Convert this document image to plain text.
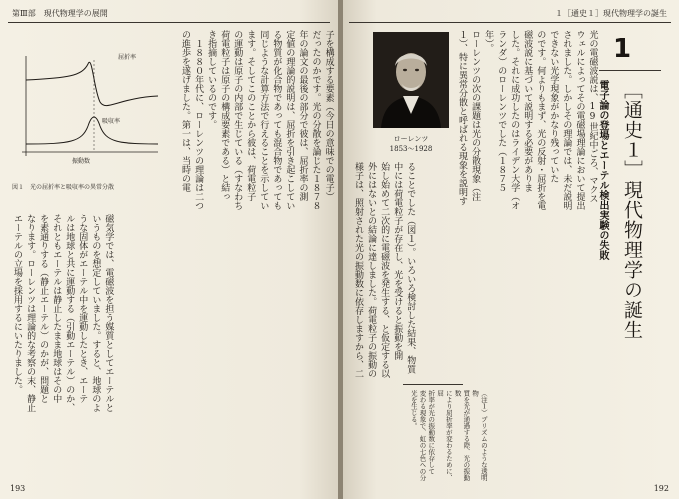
第Ⅲ部　現代物理学の展開
屈折率
吸収率
振動数
図１　光の屈折率と吸収率の異常分散

子を構成する要素（今日の意味での電子）
だったのかです。光の分散を論じた１８７８年の論文の最後の部分で彼は、屈折率の測
定値の理論的説明は、屈折を引き起こしている物質が化合物であっても混合物であっても
同じような計算方法で行えることを示しています。そしてこのことから彼は、荷電粒子
の運動は原子の内部で生じている（すなわち荷電粒子は原子の構成要素である）と結っ
き指摘しているのです。
　１８８０年代に、ローレンツの理論は二つの進歩を遂げました。第一は、当時の電

磁気学では、電磁波を担う媒質としてエーテルと
いうものを想定していました。すると、地球のよ
うな固体がエーテル中を運動したとき、エーテ
ルは地球と共に運動する（引動エーテル）のか、
それともエーテルは静止したまま地球はその中
を素通りする（静止エーテル）のかが、問題と
なります。ローレンツは理論的な考察の末、静止
エーテルの立場を採用するにいたりました。

193
１［通史１］現代物理学の誕生
1
［通史１］現代物理学の誕生
電子論の登場とエーテル検出実験の失敗
ローレンツ
1853～1928	光の電磁波説は、19世紀中ごろ、マクスウェルによってその電磁場理論において提出
されました。しかしその理論では、未だ説明できない光学現象がかなり残っていた
のです。何よりもまず、光の反射・屈折を電磁波説に基づいて説明する必要がありま
した。それに成功したのはライデン大学（オランダ）のローレンツでした（１８７５年）。
ローレンツの次の課題は光の分散現象（注１）、特に異常分散と呼ばれる現象を説明す

ることでした（図１）。いろいろ検討した結果、物質
中には荷電粒子が存在し、光を受けると振動を開
始し始めて二次的に電磁波を発生する、と仮定する以
外にはないとの結論に達しました。荷電粒子の振動の
様子は、照射された光の振動数に依存しますから、二

（注１）プリズムのような透明物
質を光が通過する際、光の振動数
により屈折率が変わるために、屈
折率が光の振動数に依存して
変わる現象で、虹の七色への分
光を生じる。
192
